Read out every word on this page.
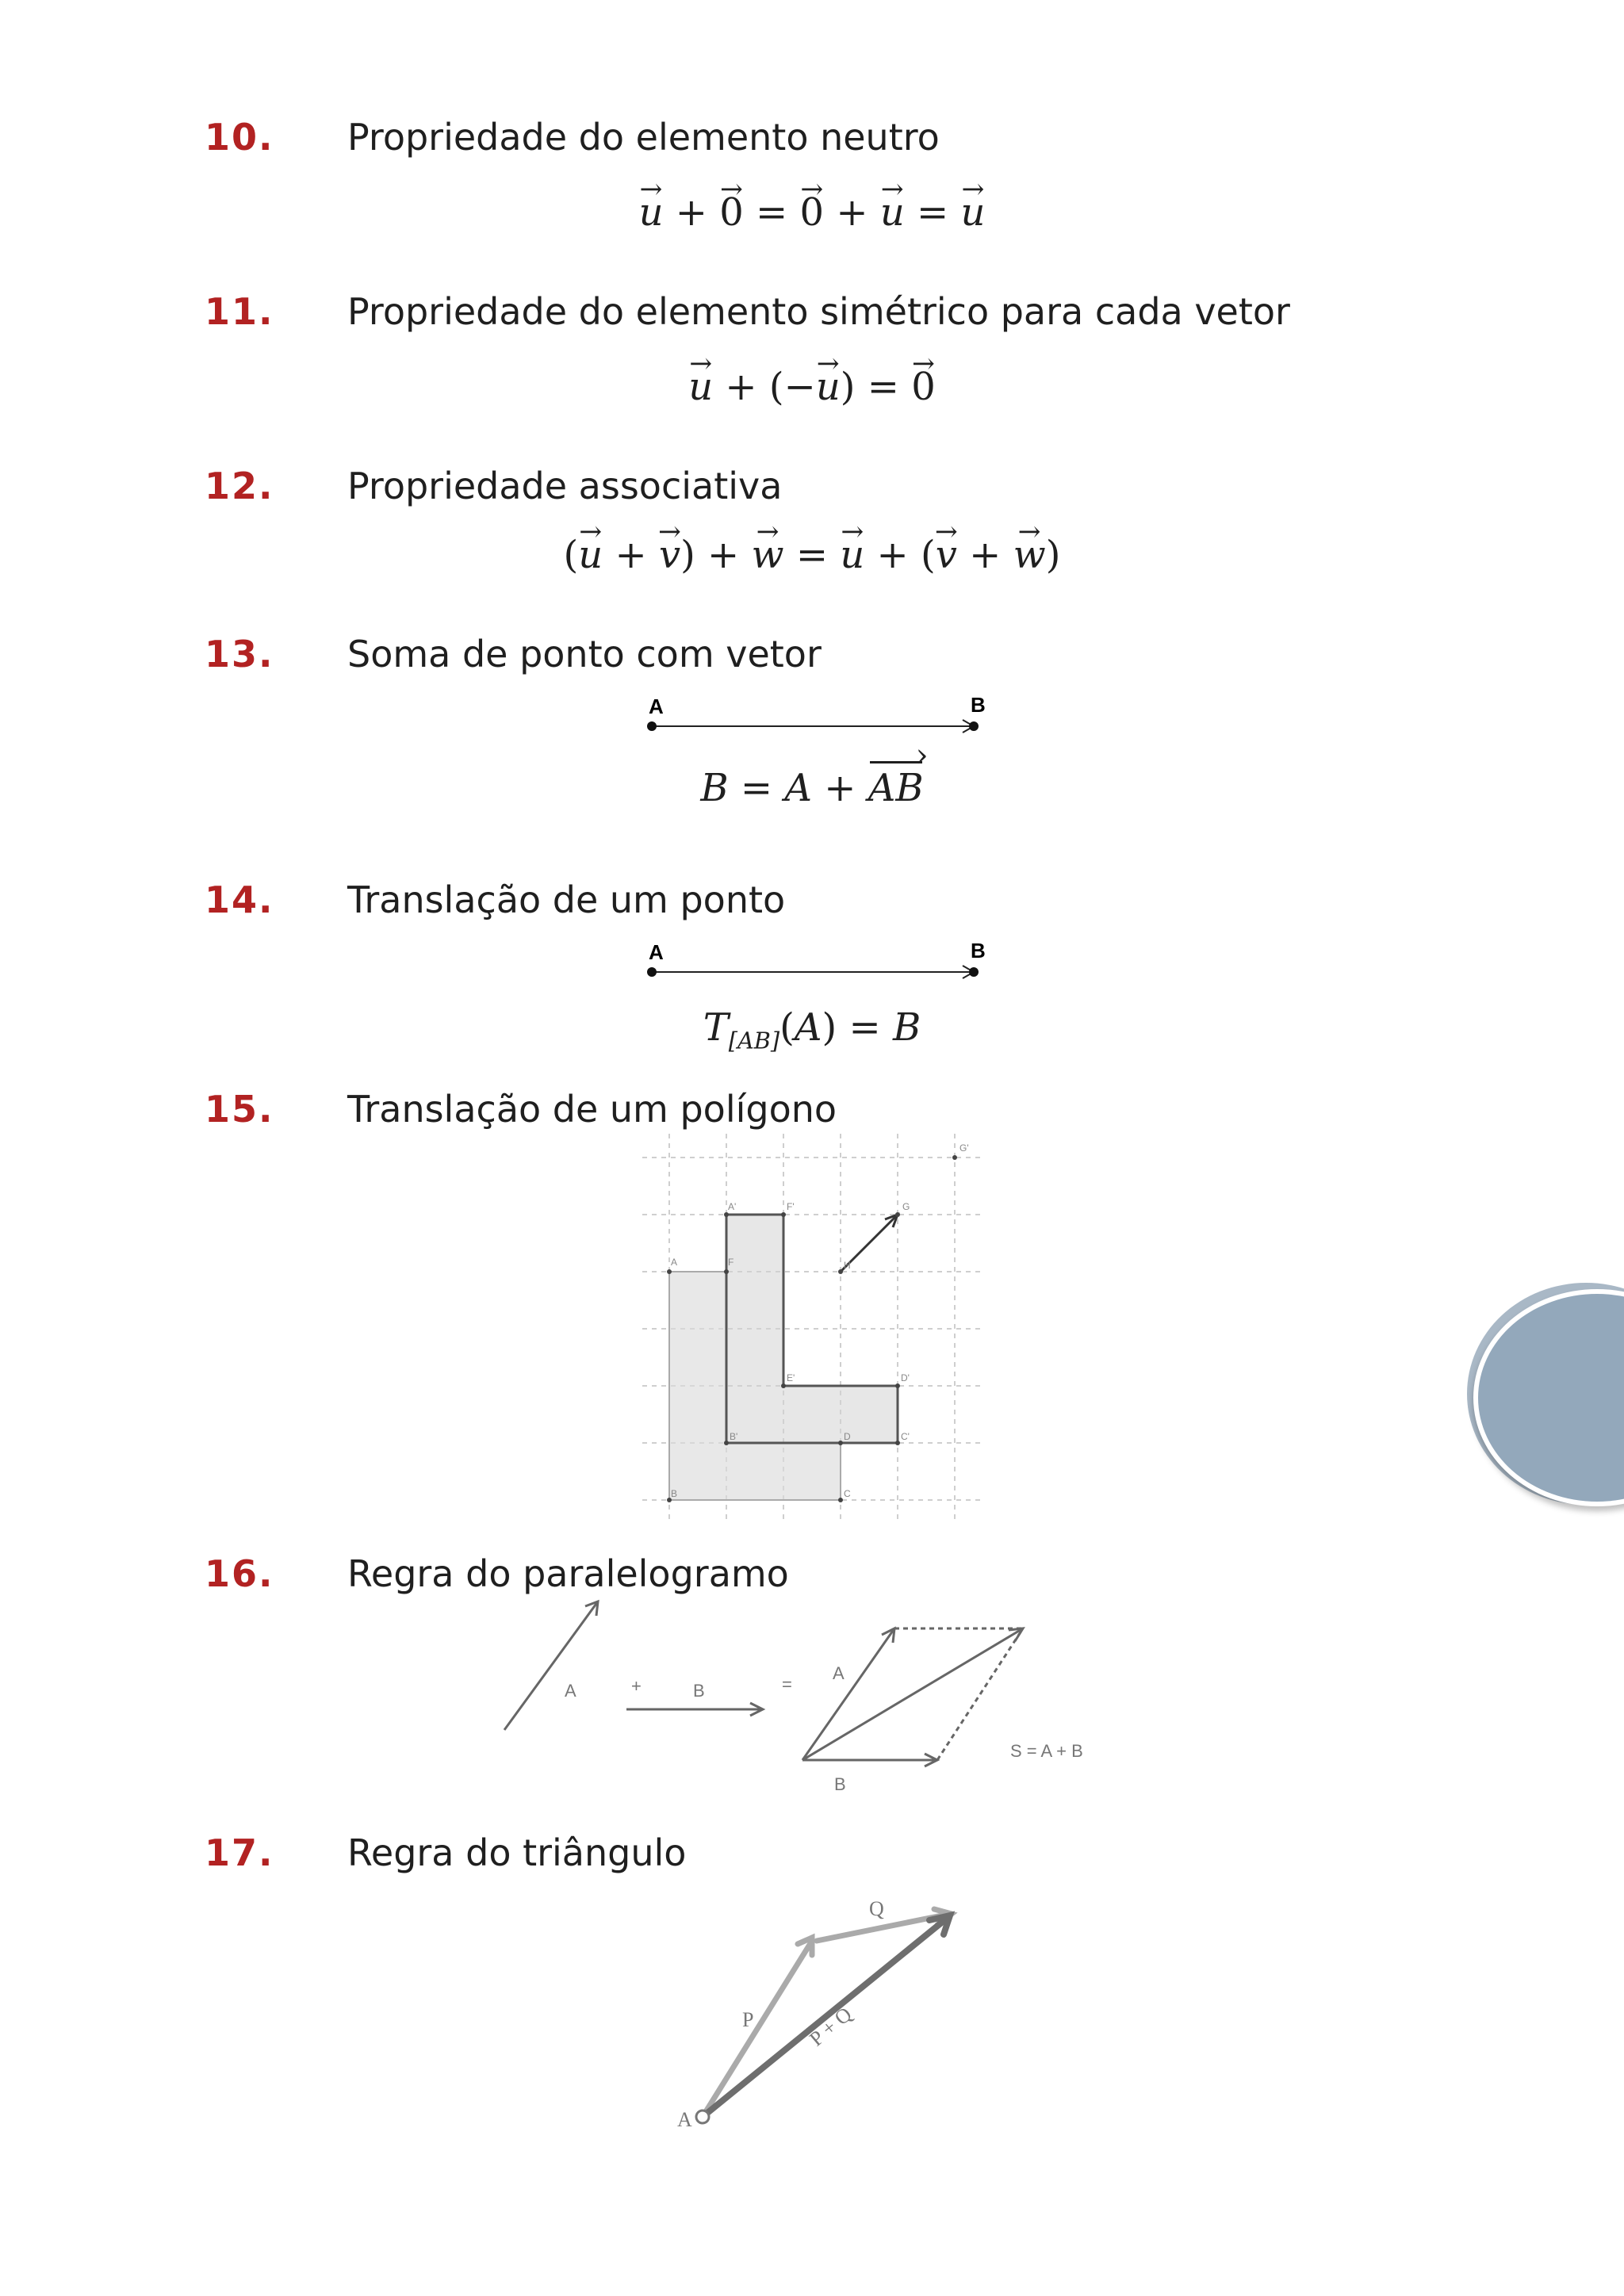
10.	Propriedade do elemento neutro
u → + 0 → = 0 → + u → = u →
11.	Propriedade do elemento simétrico para cada vetor
u → + (−u →) = 0 →
12.	Propriedade associativa
(u → + v →) + w → = u → + (v → + w →)
13.	Soma de ponto com vetor
A	B
B = A + › AB
14.	Translação de um ponto
A	B
$T_{[AB]}(A) = B$
15.	Translação de um polígono
A	F
B	C
D
H
A'	F'
E'	D'
C'
B'
G
G'
16.	Regra do paralelogramo
A	+	B	=
A
B
S = A + B
17.	Regra do triângulo
P
Q
P + Q
A
